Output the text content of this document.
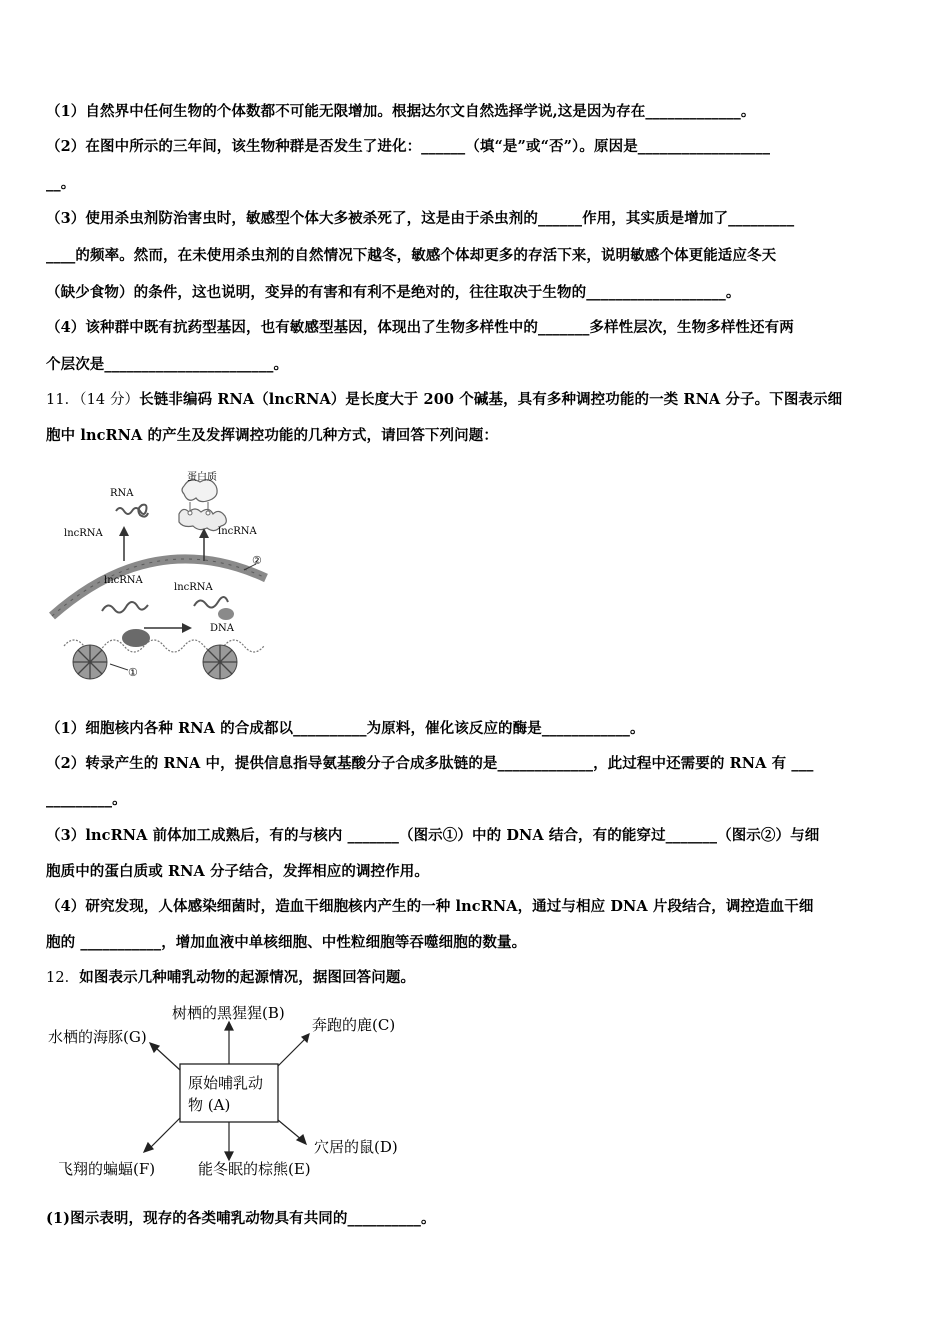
（1）自然界中任何生物的个体数都不可能无限增加。根据达尔文自然选择学说,这是因为存在_____________。
（2）在图中所示的三年间，该生物种群是否发生了进化：______（填“是”或“否”）。原因是__________________
__。
（3）使用杀虫剂防治害虫时，敏感型个体大多被杀死了，这是由于杀虫剂的______作用，其实质是增加了_________
____的频率。然而，在未使用杀虫剂的自然情况下越冬，敏感个体却更多的存活下来，说明敏感个体更能适应冬天
（缺少食物）的条件，这也说明，变异的有害和有利不是绝对的，往往取决于生物的___________________。
（4）该种群中既有抗药型基因，也有敏感型基因，体现出了生物多样性中的_______多样性层次，生物多样性还有两
个层次是_______________________。
11．（14 分）长链非编码 RNA（lncRNA）是长度大于 200 个碱基，具有多种调控功能的一类 RNA 分子。下图表示细
胞中 lncRNA 的产生及发挥调控功能的几种方式，请回答下列问题：
RNA
蛋白质
lncRNA	lncRNA
lncRNA
lncRNA
DNA
①
②
（1）细胞核内各种 RNA 的合成都以__________为原料，催化该反应的酶是____________。
（2）转录产生的 RNA 中，提供信息指导氨基酸分子合成多肽链的是_____________，此过程中还需要的 RNA 有 ___
_________。
（3）lncRNA 前体加工成熟后，有的与核内 _______（图示①）中的 DNA 结合，有的能穿过_______（图示②）与细
胞质中的蛋白质或 RNA 分子结合，发挥相应的调控作用。
（4）研究发现，人体感染细菌时，造血干细胞核内产生的一种 lncRNA，通过与相应 DNA 片段结合，调控造血干细
胞的 ___________，增加血液中单核细胞、中性粒细胞等吞噬细胞的数量。
12．如图表示几种哺乳动物的起源情况，据图回答问题。
原始哺乳动
物 (A)
树栖的黑猩猩(B)
奔跑的鹿(C)
水栖的海豚(G)
穴居的鼠(D)
能冬眠的棕熊(E)
飞翔的蝙蝠(F)
(1)图示表明，现存的各类哺乳动物具有共同的__________。
